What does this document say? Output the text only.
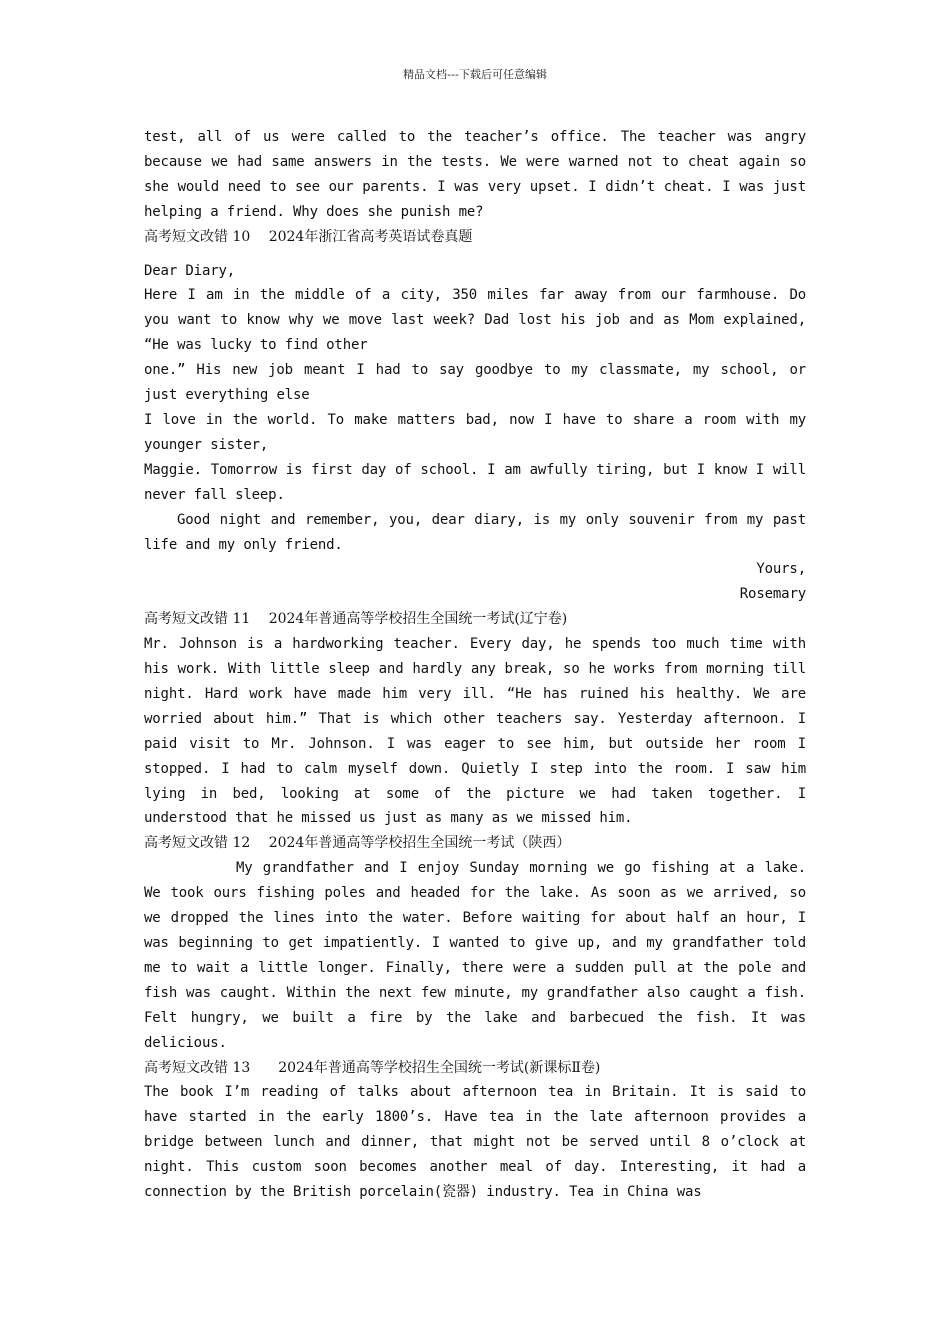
精品文档---下载后可任意编辑

test, all of us were called to the teacher’s office. The teacher was angry because we had same answers in the tests. We were warned not to cheat again so she would need to see our parents. I was very upset. I didn’t cheat. I was just helping a friend. Why does she punish me?

高考短文改错 10　 2024年浙江省高考英语试卷真题

Dear Diary,

Here I am in the middle of a city, 350 miles far away from our farmhouse. Do you want to know why we move last week? Dad lost his job and as Mom explained, “He was lucky to find other

one.” His new job meant I had to say goodbye to my classmate, my school, or just everything else

I love in the world. To make matters bad, now I have to share a room with my younger sister,

Maggie. Tomorrow is first day of school. I am awfully tiring, but I know I will never fall sleep.

Good night and remember, you, dear diary, is my only souvenir from my past life and my only friend.

Yours,

Rosemary

高考短文改错 11　 2024年普通高等学校招生全国统一考试(辽宁卷)

Mr. Johnson is a hardworking teacher. Every day, he spends too much time with his work. With little sleep and hardly any break, so he works from morning till night. Hard work have made him very ill. “He has ruined his healthy. We are worried about him.” That is which other teachers say. Yesterday afternoon. I paid visit to Mr. Johnson. I was eager to see him, but outside her room I stopped. I had to calm myself down. Quietly I step into the room. I saw him lying in bed, looking at some of the picture we had taken together. I understood that he missed us just as many as we missed him.

高考短文改错 12　 2024年普通高等学校招生全国统一考试（陕西）

My grandfather and I enjoy Sunday morning we go fishing at a lake. We took ours fishing poles and headed for the lake. As soon as we arrived, so we dropped the lines into the water. Before waiting for about half an hour, I was beginning to get impatiently. I wanted to give up, and my grandfather told me to wait a little longer. Finally, there were a sudden pull at the pole and fish was caught. Within the next few minute, my grandfather also caught a fish. Felt hungry, we built a fire by the lake and barbecued the fish. It was delicious.

高考短文改错 13　　2024年普通高等学校招生全国统一考试(新课标Ⅱ卷)

The book I’m reading of talks about afternoon tea in Britain. It is said to have started in the early 1800’s. Have tea in the late afternoon provides a bridge between lunch and dinner, that might not be served until 8 o’clock at night. This custom soon becomes another meal of day. Interesting, it had a connection by the British porcelain(瓷器) industry. Tea in China was
